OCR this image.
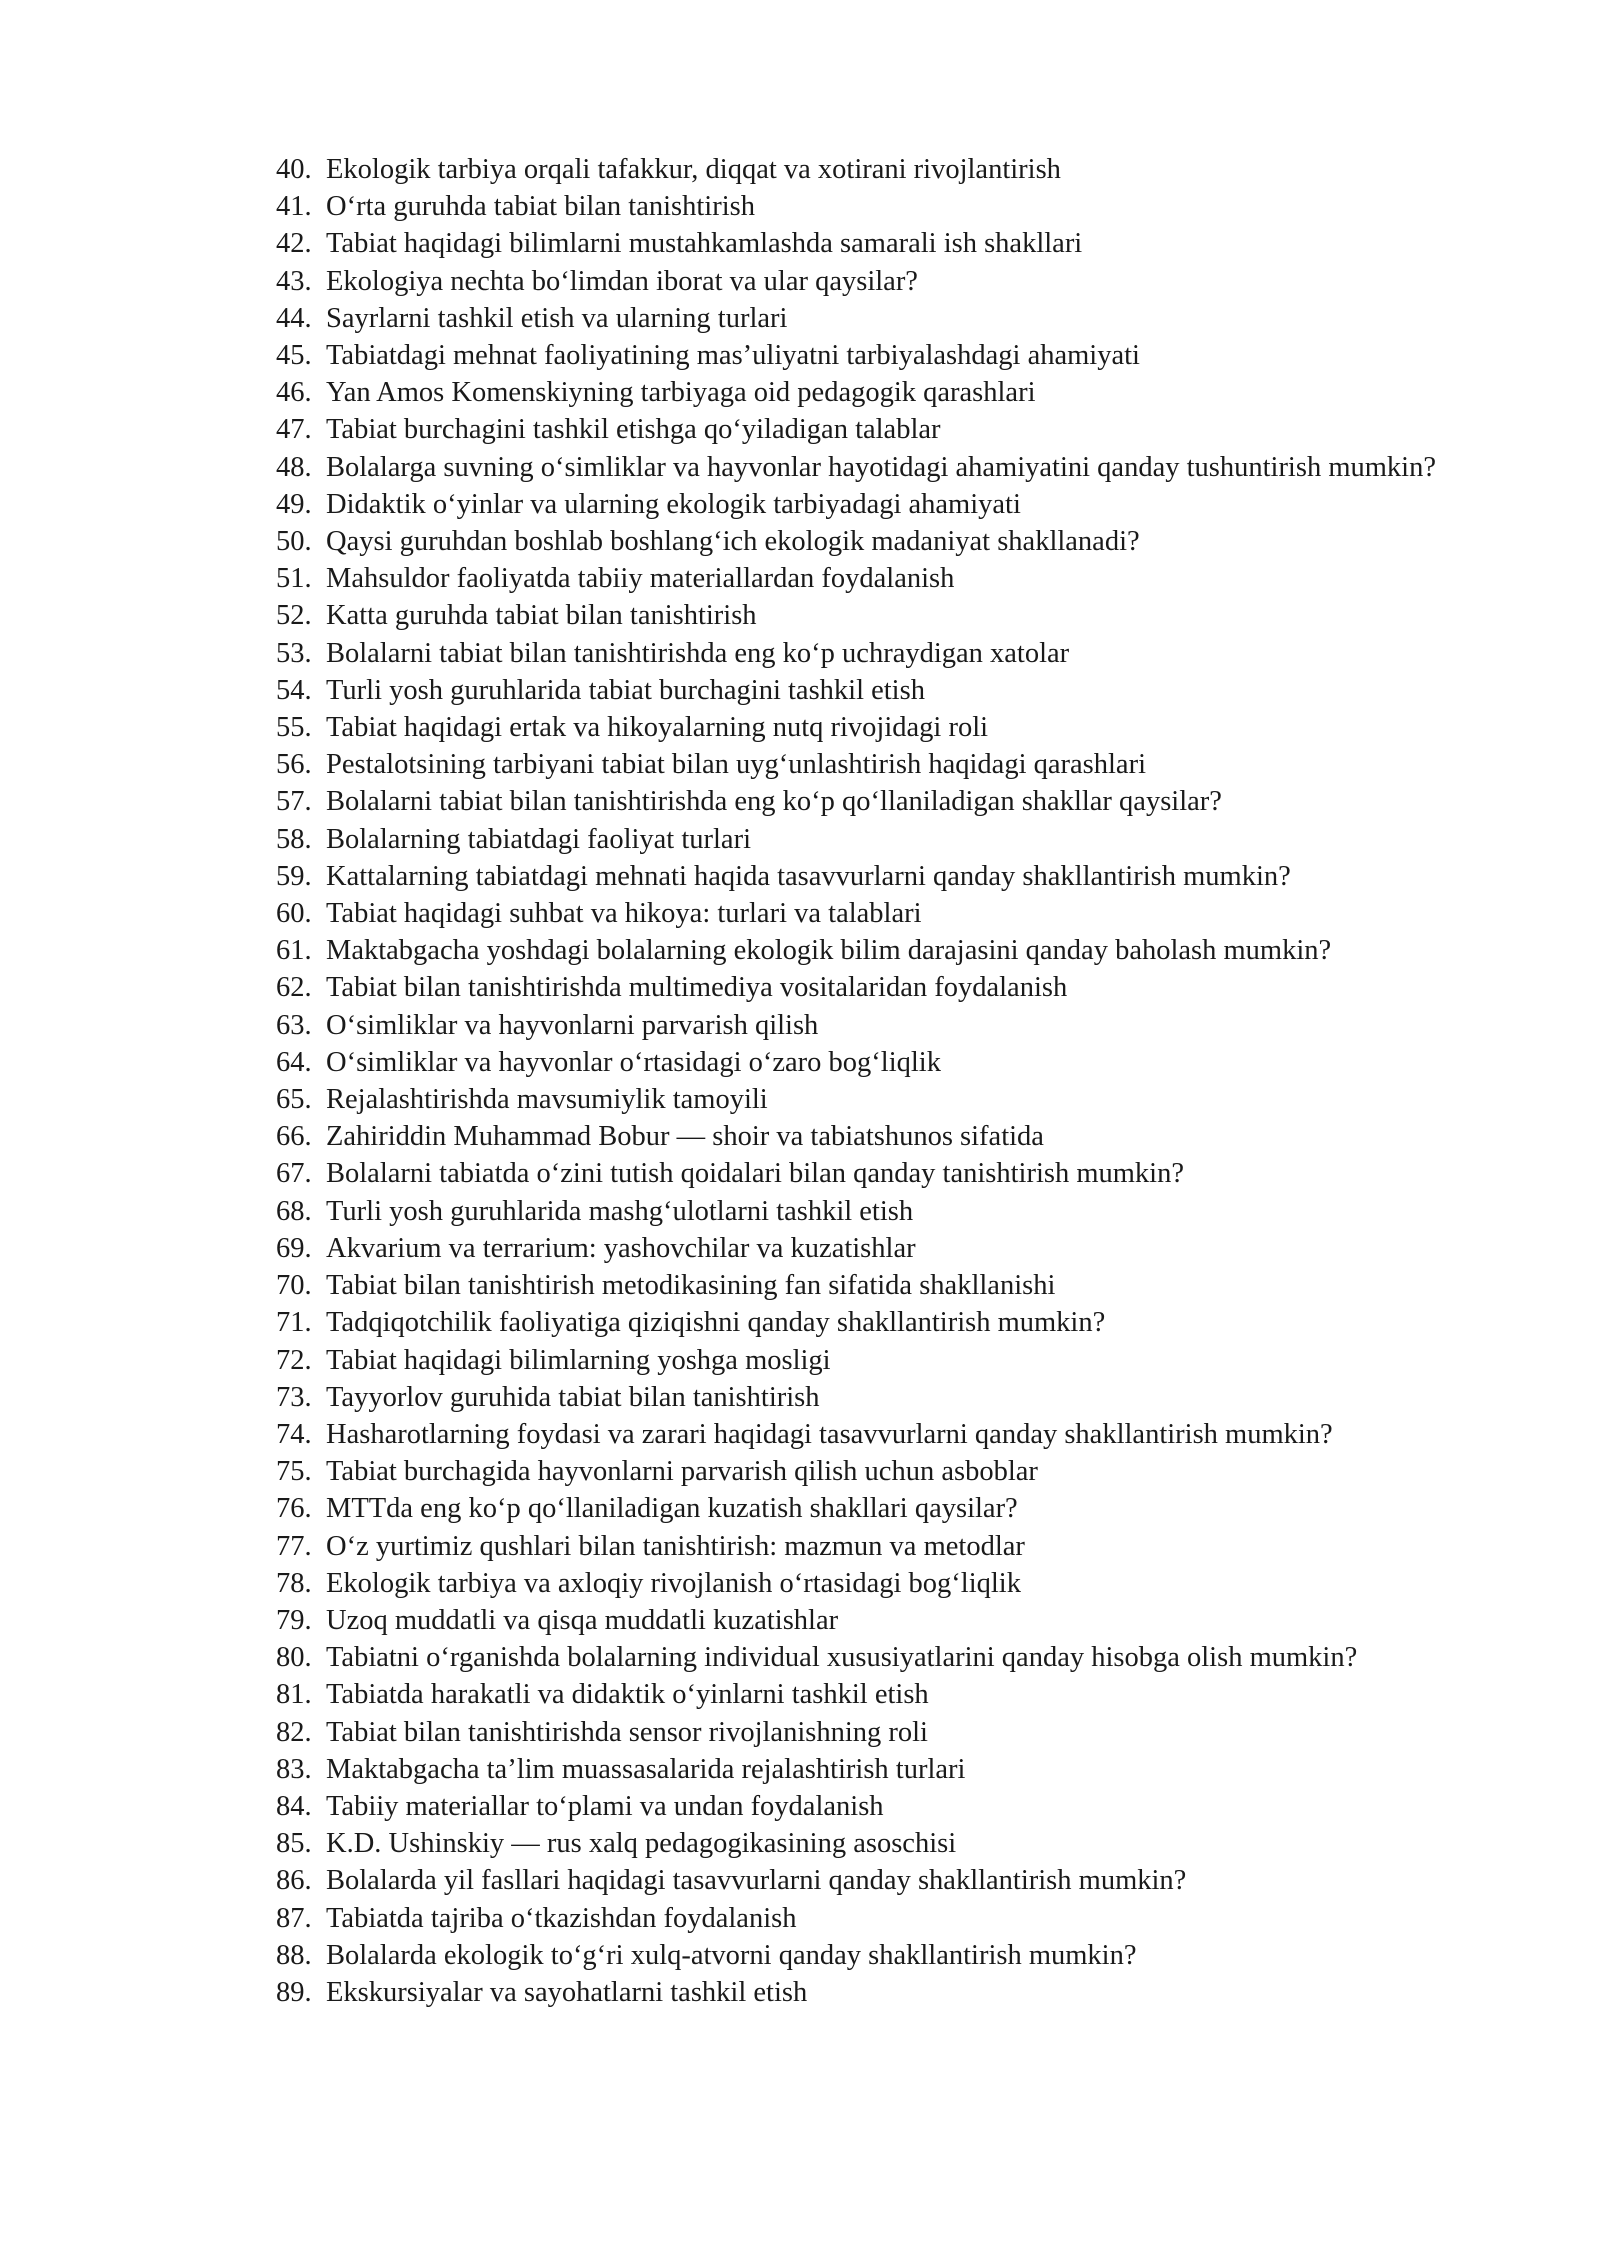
40. Ekologik tarbiya orqali tafakkur, diqqat va xotirani rivojlantirish
41. O‘rta guruhda tabiat bilan tanishtirish
42. Tabiat haqidagi bilimlarni mustahkamlashda samarali ish shakllari
43. Ekologiya nechta bo‘limdan iborat va ular qaysilar?
44. Sayrlarni tashkil etish va ularning turlari
45. Tabiatdagi mehnat faoliyatining mas’uliyatni tarbiyalashdagi ahamiyati
46. Yan Amos Komenskiyning tarbiyaga oid pedagogik qarashlari
47. Tabiat burchagini tashkil etishga qo‘yiladigan talablar
48. Bolalarga suvning o‘simliklar va hayvonlar hayotidagi ahamiyatini qanday tushuntirish mumkin?
49. Didaktik o‘yinlar va ularning ekologik tarbiyadagi ahamiyati
50. Qaysi guruhdan boshlab boshlang‘ich ekologik madaniyat shakllanadi?
51. Mahsuldor faoliyatda tabiiy materiallardan foydalanish
52. Katta guruhda tabiat bilan tanishtirish
53. Bolalarni tabiat bilan tanishtirishda eng ko‘p uchraydigan xatolar
54. Turli yosh guruhlarida tabiat burchagini tashkil etish
55. Tabiat haqidagi ertak va hikoyalarning nutq rivojidagi roli
56. Pestalotsining tarbiyani tabiat bilan uyg‘unlashtirish haqidagi qarashlari
57. Bolalarni tabiat bilan tanishtirishda eng ko‘p qo‘llaniladigan shakllar qaysilar?
58. Bolalarning tabiatdagi faoliyat turlari
59. Kattalarning tabiatdagi mehnati haqida tasavvurlarni qanday shakllantirish mumkin?
60. Tabiat haqidagi suhbat va hikoya: turlari va talablari
61. Maktabgacha yoshdagi bolalarning ekologik bilim darajasini qanday baholash mumkin?
62. Tabiat bilan tanishtirishda multimediya vositalaridan foydalanish
63. O‘simliklar va hayvonlarni parvarish qilish
64. O‘simliklar va hayvonlar o‘rtasidagi o‘zaro bog‘liqlik
65. Rejalashtirishda mavsumiylik tamoyili
66. Zahiriddin Muhammad Bobur — shoir va tabiatshunos sifatida
67. Bolalarni tabiatda o‘zini tutish qoidalari bilan qanday tanishtirish mumkin?
68. Turli yosh guruhlarida mashg‘ulotlarni tashkil etish
69. Akvarium va terrarium: yashovchilar va kuzatishlar
70. Tabiat bilan tanishtirish metodikasining fan sifatida shakllanishi
71. Tadqiqotchilik faoliyatiga qiziqishni qanday shakllantirish mumkin?
72. Tabiat haqidagi bilimlarning yoshga mosligi
73. Tayyorlov guruhida tabiat bilan tanishtirish
74. Hasharotlarning foydasi va zarari haqidagi tasavvurlarni qanday shakllantirish mumkin?
75. Tabiat burchagida hayvonlarni parvarish qilish uchun asboblar
76. MTTda eng ko‘p qo‘llaniladigan kuzatish shakllari qaysilar?
77. O‘z yurtimiz qushlari bilan tanishtirish: mazmun va metodlar
78. Ekologik tarbiya va axloqiy rivojlanish o‘rtasidagi bog‘liqlik
79. Uzoq muddatli va qisqa muddatli kuzatishlar
80. Tabiatni o‘rganishda bolalarning individual xususiyatlarini qanday hisobga olish mumkin?
81. Tabiatda harakatli va didaktik o‘yinlarni tashkil etish
82. Tabiat bilan tanishtirishda sensor rivojlanishning roli
83. Maktabgacha ta’lim muassasalarida rejalashtirish turlari
84. Tabiiy materiallar to‘plami va undan foydalanish
85. K.D. Ushinskiy — rus xalq pedagogikasining asoschisi
86. Bolalarda yil fasllari haqidagi tasavvurlarni qanday shakllantirish mumkin?
87. Tabiatda tajriba o‘tkazishdan foydalanish
88. Bolalarda ekologik to‘g‘ri xulq-atvorni qanday shakllantirish mumkin?
89. Ekskursiyalar va sayohatlarni tashkil etish
